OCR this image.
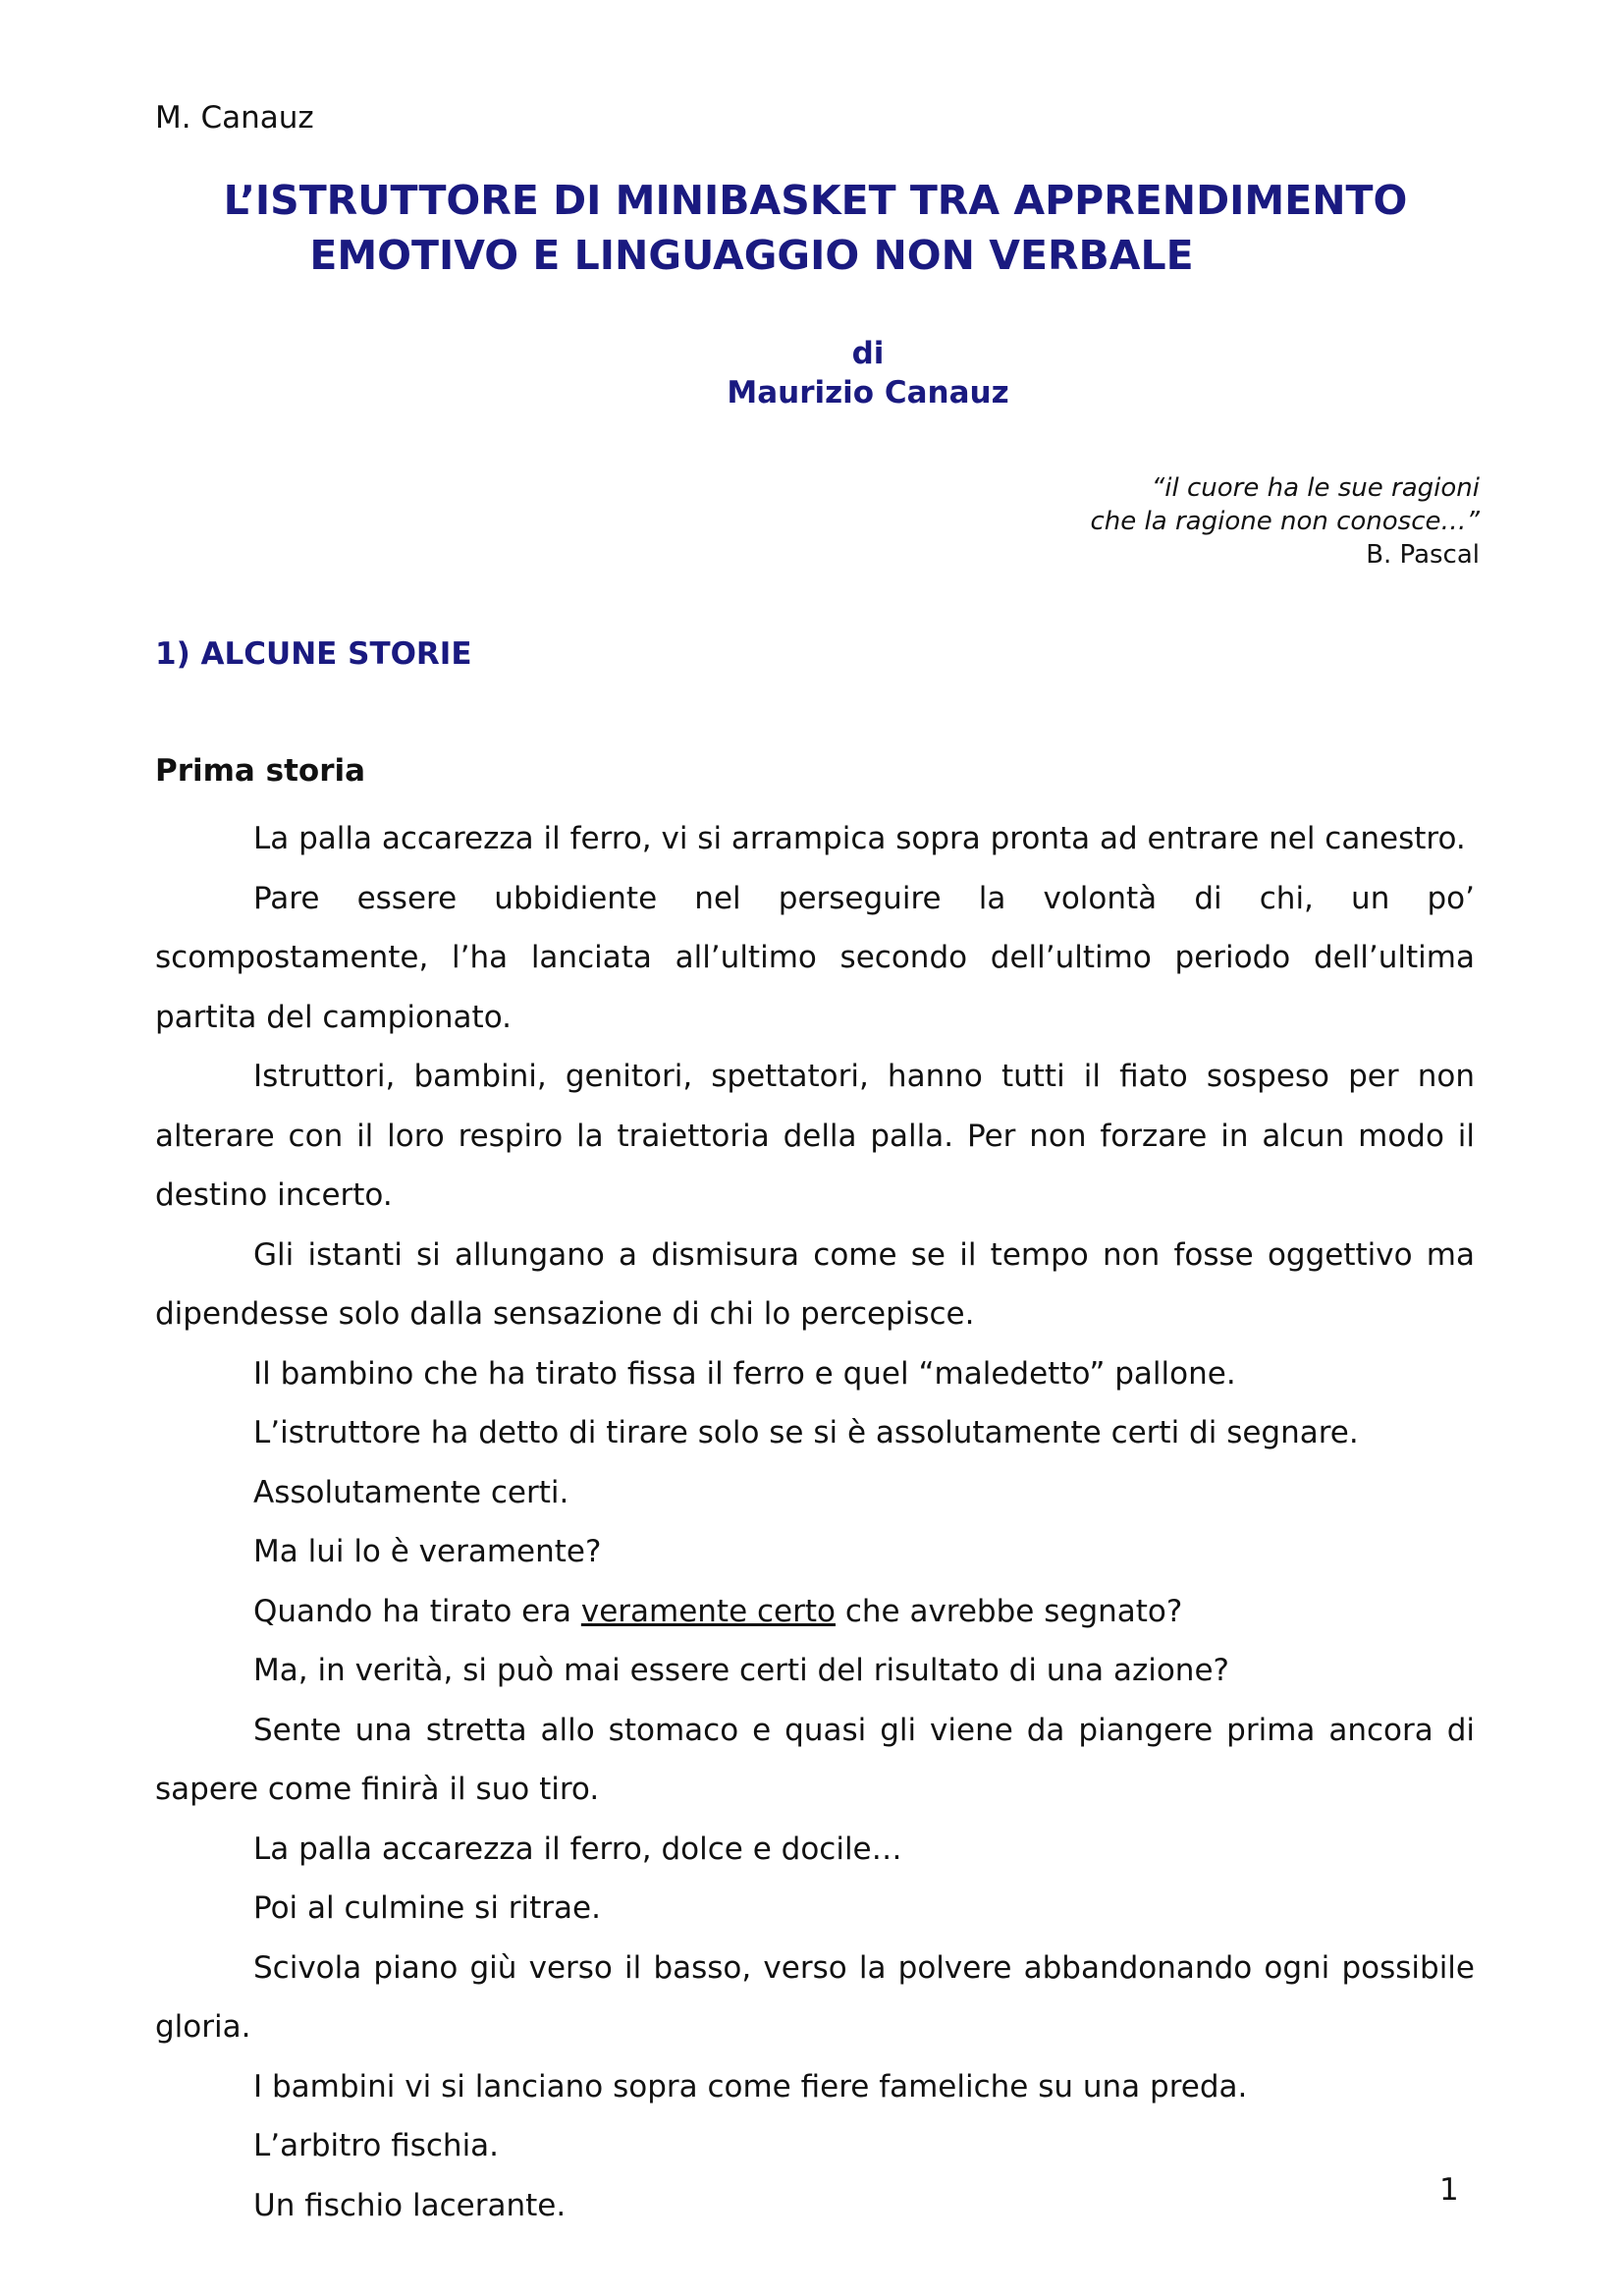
M. Canauz
L’ISTRUTTORE DI MINIBASKET TRA APPRENDIMENTO
EMOTIVO E LINGUAGGIO NON VERBALE
di
Maurizio Canauz
“il cuore ha le sue ragioni
che la ragione non conosce…”
B. Pascal
1) ALCUNE STORIE
Prima storia

La palla accarezza il ferro, vi si arrampica sopra pronta ad entrare nel canestro.

Pare essere ubbidiente nel perseguire la volontà di chi, un po’ scompostamente, l’ha lanciata all’ultimo secondo dell’ultimo periodo dell’ultima partita del campionato.

Istruttori, bambini, genitori, spettatori, hanno tutti il fiato sospeso per non alterare con il loro respiro la traiettoria della palla. Per non forzare in alcun modo il destino incerto.

Gli istanti si allungano a dismisura come se il tempo non fosse oggettivo ma dipendesse solo dalla sensazione di chi lo percepisce.

Il bambino che ha tirato fissa il ferro e quel “maledetto” pallone.

L’istruttore ha detto di tirare solo se si è assolutamente certi di segnare.

Assolutamente certi.

Ma lui lo è veramente?

Quando ha tirato era veramente certo che avrebbe segnato?

Ma, in verità, si può mai essere certi del risultato di una azione?

Sente una stretta allo stomaco e quasi gli viene da piangere prima ancora di sapere come finirà il suo tiro.

La palla accarezza il ferro, dolce e docile…

Poi al culmine si ritrae.

Scivola piano giù verso il basso, verso la polvere abbandonando ogni possibile gloria.

I bambini vi si lanciano sopra come fiere fameliche su una preda.

L’arbitro fischia.

Un fischio lacerante.	1
